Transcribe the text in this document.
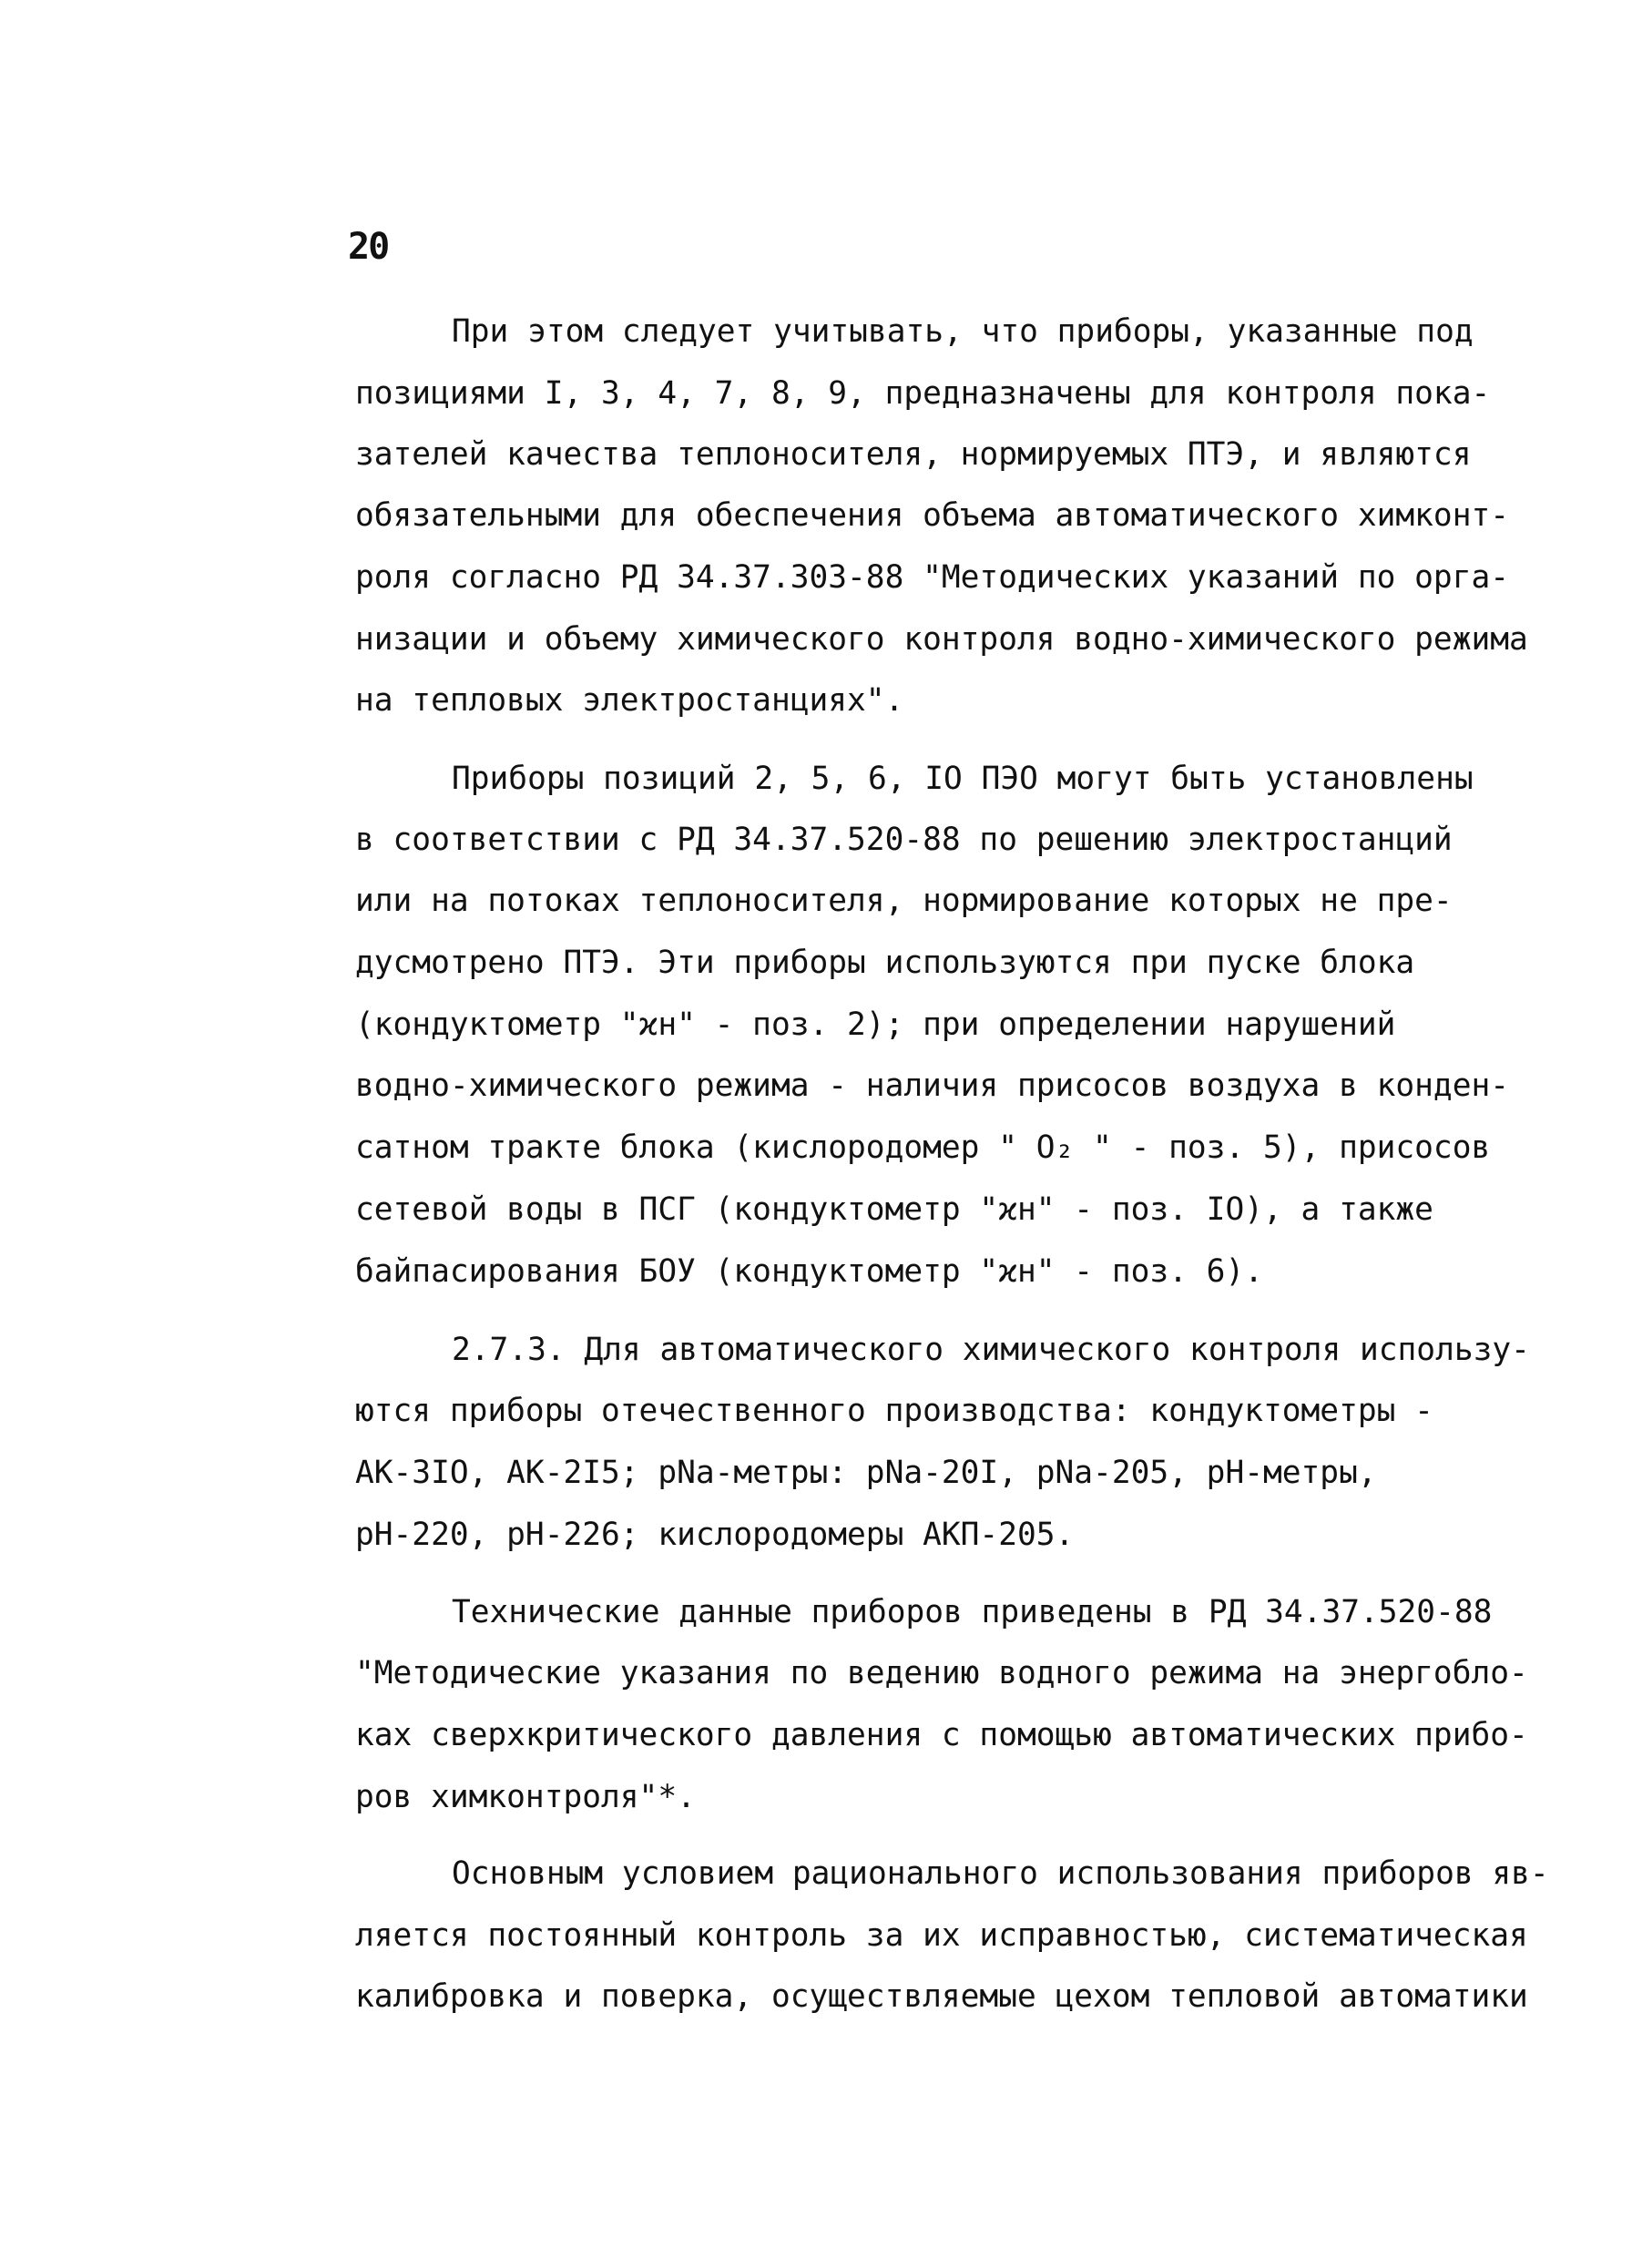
20
При этом следует учитывать, что приборы, указанные под
позициями I, 3, 4, 7, 8, 9, предназначены для контроля пока-
зателей качества теплоносителя, нормируемых ПТЭ, и являются
обязательными для обеспечения объема автоматического химконт-
роля согласно РД 34.37.303-88 "Методических указаний по орга-
низации и объему химического контроля водно-химического режима
на тепловых электростанциях".
Приборы позиций 2, 5, 6, IО ПЭО могут быть установлены
в соответствии с РД 34.37.520-88 по решению электростанций
или на потоках теплоносителя, нормирование которых не пре-
дусмотрено ПТЭ. Эти приборы используются при пуске блока
(кондуктометр "ϰн" - поз. 2); при определении нарушений
водно-химического режима - наличия присосов воздуха в конден-
сатном тракте блока (кислородомер " O₂ " - поз. 5), присосов
сетевой воды в ПСГ (кондуктометр "ϰн" - поз. IО), а также
байпасирования БОУ (кондуктометр "ϰн" - поз. 6).
2.7.3. Для автоматического химического контроля использу-
ются приборы отечественного производства: кондуктометры -
АК-3IО, АК-2I5; pNa-метры: pNa-20I, pNa-205, pH-метры,
pH-220, pH-226; кислородомеры АКП-205.
Технические данные приборов приведены в РД 34.37.520-88
"Методические указания по ведению водного режима на энергобло-
ках сверхкритического давления с помощью автоматических прибо-
ров химконтроля"*.
Основным условием рационального использования приборов яв-
ляется постоянный контроль за их исправностью, систематическая
калибровка и поверка, осуществляемые цехом тепловой автоматики
